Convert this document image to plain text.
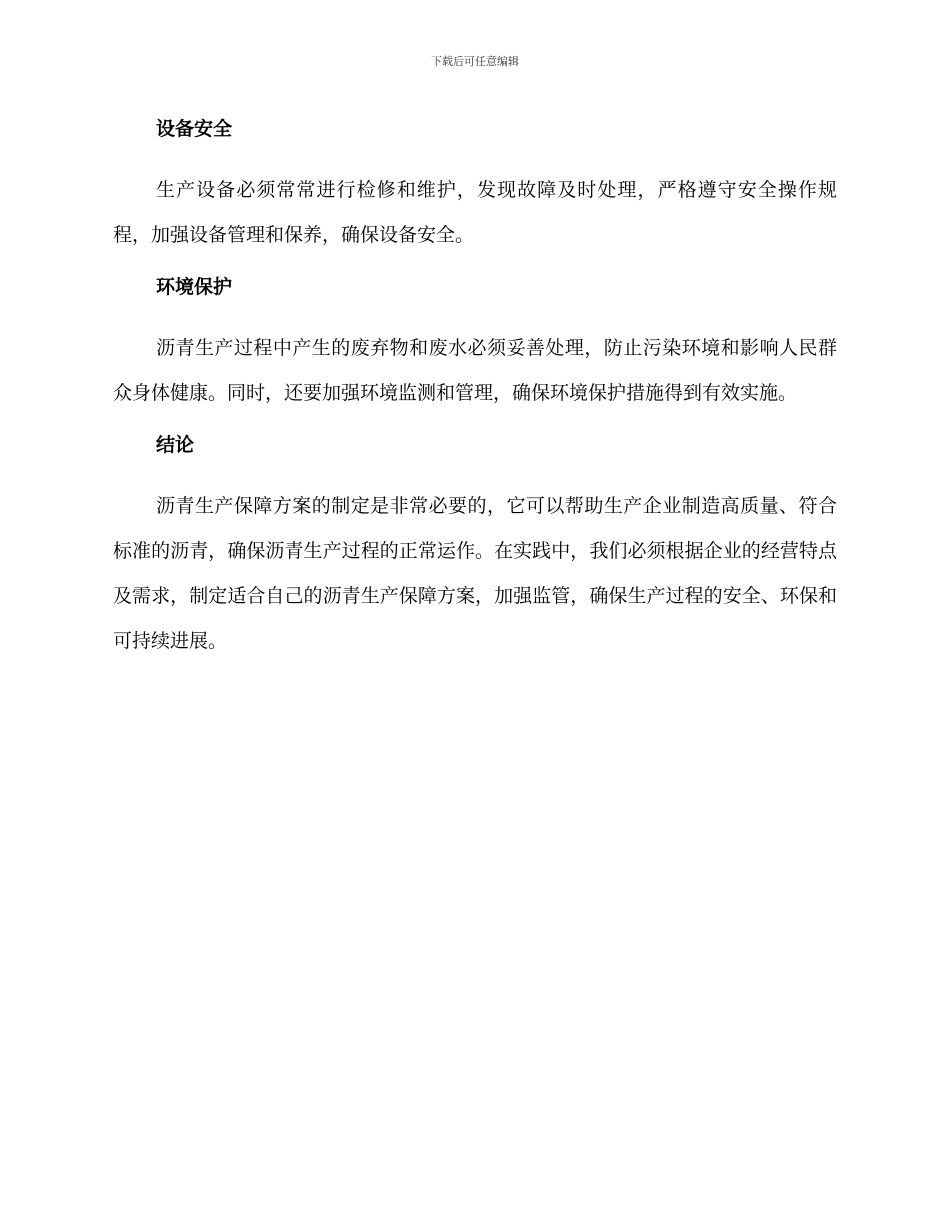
下载后可任意编辑
设备安全

生产设备必须常常进行检修和维护，发现故障及时处理，严格遵守安全操作规程，加强设备管理和保养，确保设备安全。

环境保护

沥青生产过程中产生的废弃物和废水必须妥善处理，防止污染环境和影响人民群众身体健康。同时，还要加强环境监测和管理，确保环境保护措施得到有效实施。

结论

沥青生产保障方案的制定是非常必要的，它可以帮助生产企业制造高质量、符合标准的沥青，确保沥青生产过程的正常运作。在实践中，我们必须根据企业的经营特点及需求，制定适合自己的沥青生产保障方案，加强监管，确保生产过程的安全、环保和可持续进展。
